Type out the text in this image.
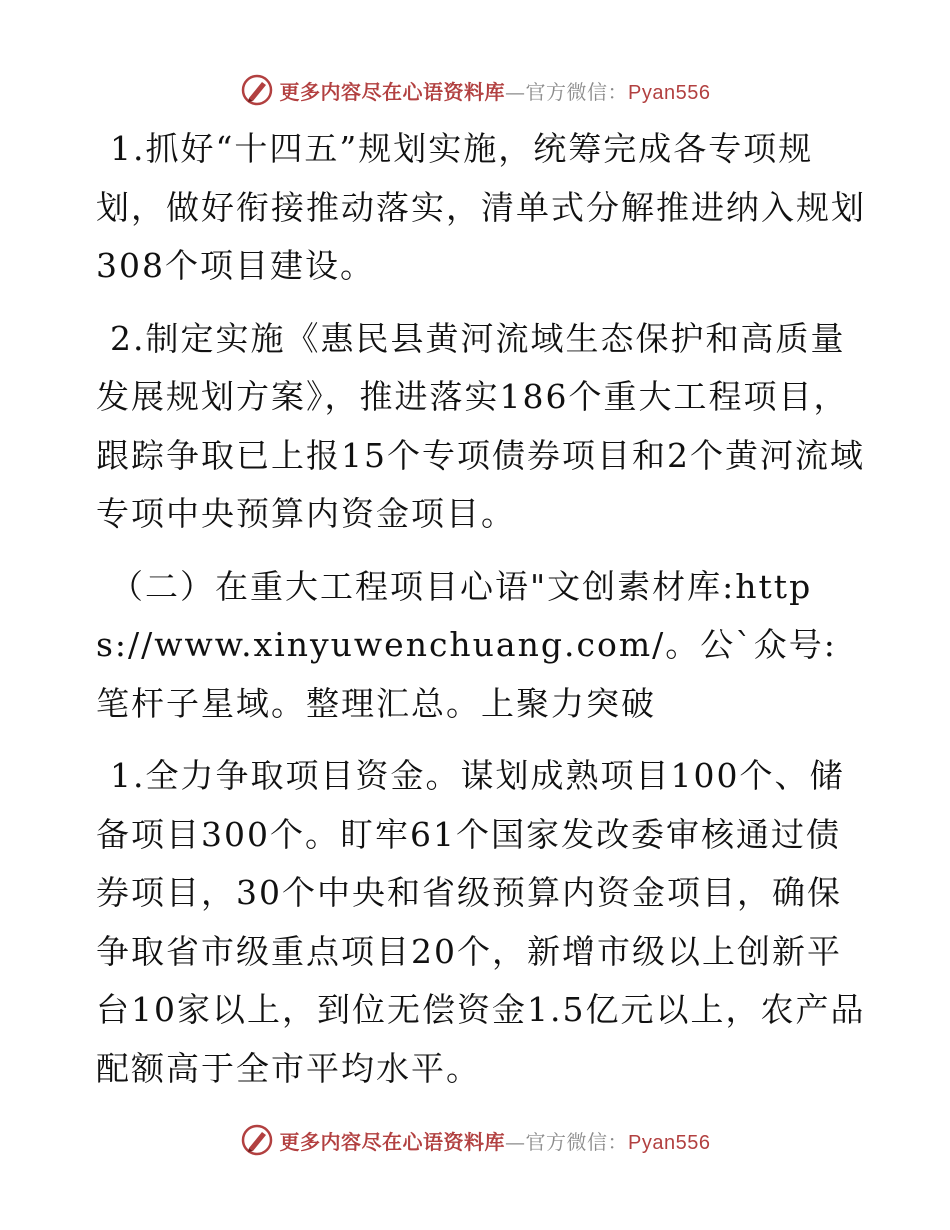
更多内容尽在心语资料库—官方微信：Pyan556

1.抓好“十四五”规划实施，统筹完成各专项规划，做好衔接推动落实，清单式分解推进纳入规划308个项目建设。

2.制定实施《惠民县黄河流域生态保护和高质量发展规划方案》，推进落实186个重大工程项目，跟踪争取已上报15个专项债券项目和2个黄河流域专项中央预算内资金项目。

（二）在重大工程项目心语"文创素材库:https://www.xinyuwenchuang.com/。公`众号:笔杆子星域。整理汇总。上聚力突破

1.全力争取项目资金。谋划成熟项目100个、储备项目300个。盯牢61个国家发改委审核通过债券项目，30个中央和省级预算内资金项目，确保争取省市级重点项目20个，新增市级以上创新平台10家以上，到位无偿资金1.5亿元以上，农产品配额高于全市平均水平。

更多内容尽在心语资料库—官方微信：Pyan556
